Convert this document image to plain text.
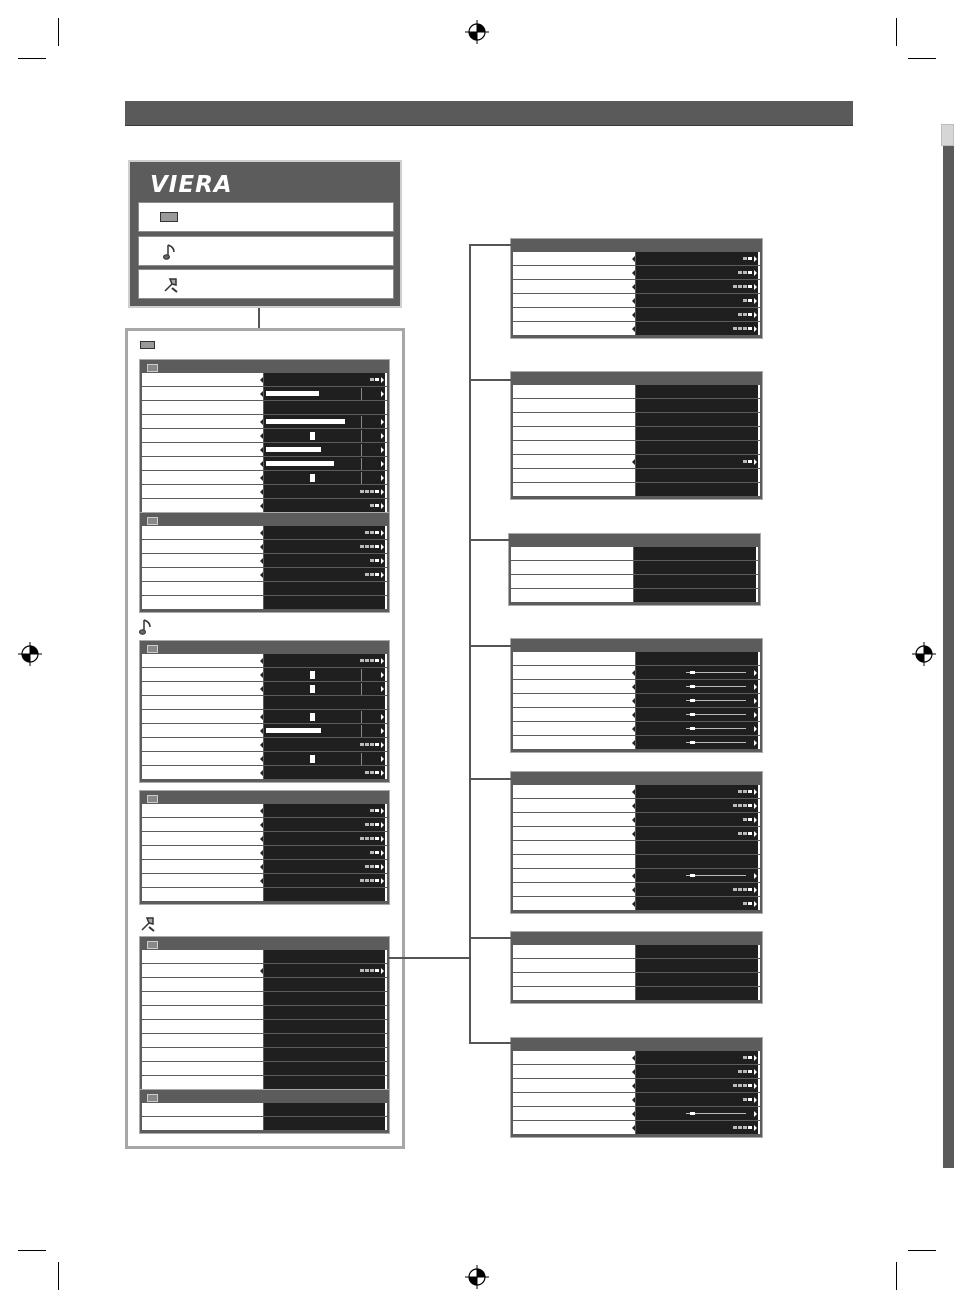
VIERA
